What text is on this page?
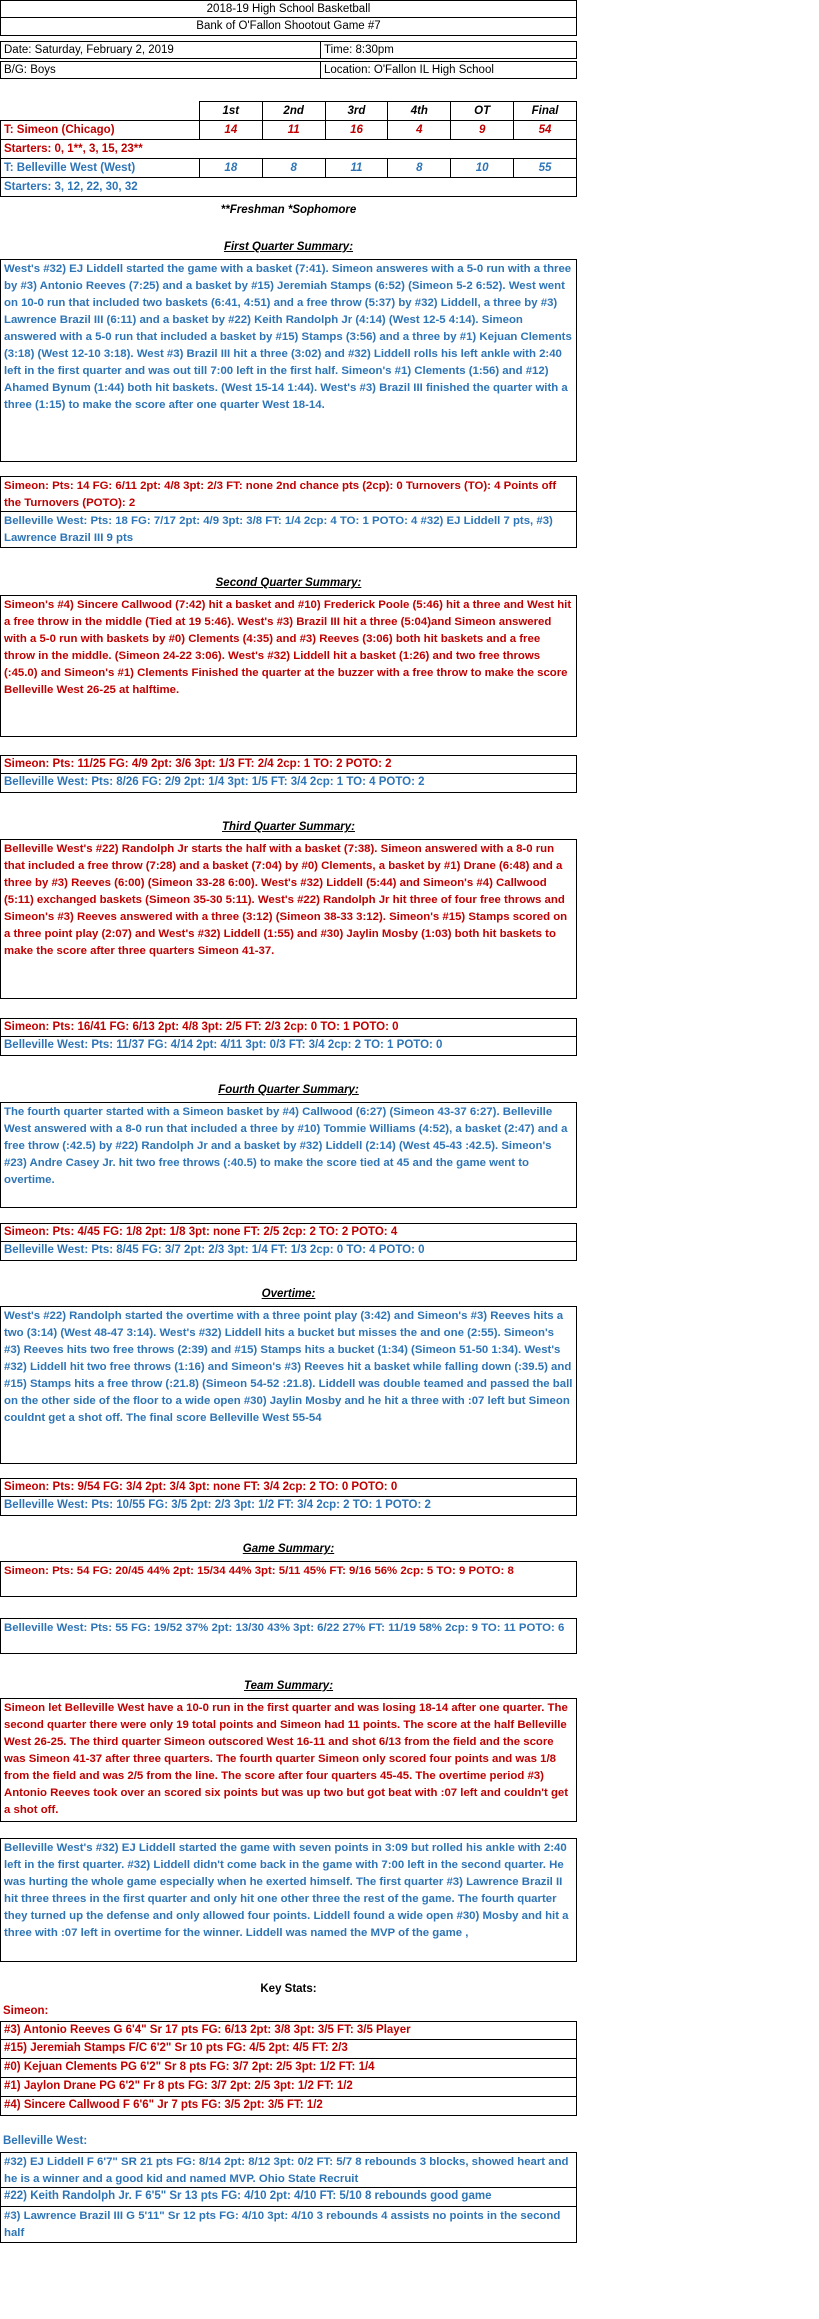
2018-19 High School Basketball
Bank of O'Fallon Shootout Game #7
Date: Saturday, February 2, 2019	Time: 8:30pm
B/G: Boys	Location: O'Fallon IL High School
	1st	2nd	3rd	4th	OT	Final
T: Simeon (Chicago)	14	11	16	4	9	54
Starters: 0, 1**, 3, 15, 23**						
T: Belleville West (West)	18	8	11	8	10	55
Starters: 3, 12, 22, 30, 32						
**Freshman *Sophomore
First Quarter Summary:
West's #32) EJ Liddell started the game with a basket (7:41). Simeon answeres with a 5-0 run with a three by #3) Antonio Reeves (7:25) and a basket by #15) Jeremiah Stamps (6:52) (Simeon 5-2 6:52). West went on 10-0 run that included two baskets (6:41, 4:51) and a free throw (5:37) by #32) Liddell, a three by #3) Lawrence Brazil III (6:11) and a basket by #22) Keith Randolph Jr (4:14) (West 12-5 4:14). Simeon answered with a 5-0 run that included a basket by #15) Stamps (3:56) and a three by #1) Kejuan Clements (3:18) (West 12-10 3:18). West #3) Brazil III hit a three (3:02) and #32) Liddell rolls his left ankle with 2:40 left in the first quarter and was out till 7:00 left in the first half. Simeon's #1) Clements (1:56) and #12) Ahamed Bynum (1:44) both hit baskets. (West 15-14 1:44). West's #3) Brazil III finished the quarter with a three (1:15) to make the score after one quarter West 18-14.
Simeon: Pts: 14 FG: 6/11 2pt: 4/8 3pt: 2/3 FT: none 2nd chance pts (2cp): 0 Turnovers (TO): 4 Points off the Turnovers (POTO): 2
Belleville West: Pts: 18 FG: 7/17 2pt: 4/9 3pt: 3/8 FT: 1/4 2cp: 4 TO: 1 POTO: 4 #32) EJ Liddell 7 pts, #3) Lawrence Brazil III 9 pts
Second Quarter Summary:
Simeon's #4) Sincere Callwood (7:42) hit a basket and #10) Frederick Poole (5:46) hit a three and West hit a free throw in the middle (Tied at 19 5:46). West's #3) Brazil III hit a three (5:04)and Simeon answered with a 5-0 run with baskets by #0) Clements (4:35) and #3) Reeves (3:06) both hit baskets and a free throw in the middle. (Simeon 24-22 3:06). West's #32) Liddell hit a basket (1:26) and two free throws (:45.0) and Simeon's #1) Clements Finished the quarter at the buzzer with a free throw to make the score Belleville West 26-25 at halftime.
Simeon: Pts: 11/25 FG: 4/9 2pt: 3/6 3pt: 1/3 FT: 2/4 2cp: 1 TO: 2 POTO: 2
Belleville West: Pts: 8/26 FG: 2/9 2pt: 1/4 3pt: 1/5 FT: 3/4 2cp: 1 TO: 4 POTO: 2
Third Quarter Summary:
Belleville West's #22) Randolph Jr starts the half with a basket (7:38). Simeon answered with a 8-0 run that included a free throw (7:28) and a basket (7:04) by #0) Clements, a basket by #1) Drane (6:48) and a three by #3) Reeves (6:00) (Simeon 33-28 6:00). West's #32) Liddell (5:44) and Simeon's #4) Callwood (5:11) exchanged baskets (Simeon 35-30 5:11). West's #22) Randolph Jr hit three of four free throws and Simeon's #3) Reeves answered with a three (3:12) (Simeon 38-33 3:12). Simeon's #15) Stamps scored on a three point play (2:07) and West's #32) Liddell (1:55) and #30) Jaylin Mosby (1:03) both hit baskets to make the score after three quarters Simeon 41-37.
Simeon: Pts: 16/41 FG: 6/13 2pt: 4/8 3pt: 2/5 FT: 2/3 2cp: 0 TO: 1 POTO: 0
Belleville West: Pts: 11/37 FG: 4/14 2pt: 4/11 3pt: 0/3 FT: 3/4 2cp: 2 TO: 1 POTO: 0
Fourth Quarter Summary:
The fourth quarter started with a Simeon basket by #4) Callwood (6:27) (Simeon 43-37 6:27). Belleville West answered with a 8-0 run that included a three by #10) Tommie Williams (4:52), a basket (2:47) and a free throw (:42.5) by #22) Randolph Jr and a basket by #32) Liddell (2:14) (West 45-43 :42.5). Simeon's #23) Andre Casey Jr. hit two free throws (:40.5) to make the score tied at 45 and the game went to overtime.
Simeon: Pts: 4/45 FG: 1/8 2pt: 1/8 3pt: none FT: 2/5 2cp: 2 TO: 2 POTO: 4
Belleville West: Pts: 8/45 FG: 3/7 2pt: 2/3 3pt: 1/4 FT: 1/3 2cp: 0 TO: 4 POTO: 0
Overtime:
West's #22) Randolph started the overtime with a three point play (3:42) and Simeon's #3) Reeves hits a two (3:14) (West 48-47 3:14). West's #32) Liddell hits a bucket but misses the and one (2:55). Simeon's #3) Reeves hits two free throws (2:39) and #15) Stamps hits a bucket (1:34) (Simeon 51-50 1:34). West's #32) Liddell hit two free throws (1:16) and Simeon's #3) Reeves hit a basket while falling down (:39.5) and #15) Stamps hits a free throw (:21.8) (Simeon 54-52 :21.8). Liddell was double teamed and passed the ball on the other side of the floor to a wide open #30) Jaylin Mosby and he hit a three with :07 left but Simeon couldnt get a shot off. The final score Belleville West 55-54
Simeon: Pts: 9/54 FG: 3/4 2pt: 3/4 3pt: none FT: 3/4 2cp: 2 TO: 0 POTO: 0
Belleville West: Pts: 10/55 FG: 3/5 2pt: 2/3 3pt: 1/2 FT: 3/4 2cp: 2 TO: 1 POTO: 2
Game Summary:
Simeon: Pts: 54 FG: 20/45 44% 2pt: 15/34 44% 3pt: 5/11 45% FT: 9/16 56% 2cp: 5 TO: 9 POTO: 8
Belleville West: Pts: 55 FG: 19/52 37% 2pt: 13/30 43% 3pt: 6/22 27% FT: 11/19 58% 2cp: 9 TO: 11 POTO: 6
Team Summary:
Simeon let Belleville West have a 10-0 run in the first quarter and was losing 18-14 after one quarter. The second quarter there were only 19 total points and Simeon had 11 points. The score at the half Belleville West 26-25. The third quarter Simeon outscored West 16-11 and shot 6/13 from the field and the score was Simeon 41-37 after three quarters. The fourth quarter Simeon only scored four points and was 1/8 from the field and was 2/5 from the line. The score after four quarters 45-45. The overtime period #3) Antonio Reeves took over an scored six points but was up two but got beat with :07 left and couldn't get a shot off.
Belleville West's #32) EJ Liddell started the game with seven points in 3:09 but rolled his ankle with 2:40 left in the first quarter. #32) Liddell didn't come back in the game with 7:00 left in the second quarter. He was hurting the whole game especially when he exerted himself. The first quarter #3) Lawrence Brazil II hit three threes in the first quarter and only hit one other three the rest of the game. The fourth quarter they turned up the defense and only allowed four points. Liddell found a wide open #30) Mosby and hit a three with :07 left in overtime for the winner. Liddell was named the MVP of the game ,
Key Stats:
Simeon:
#3) Antonio Reeves G 6'4" Sr 17 pts FG: 6/13 2pt: 3/8 3pt: 3/5 FT: 3/5 Player
#15) Jeremiah Stamps F/C 6'2" Sr 10 pts FG: 4/5 2pt: 4/5 FT: 2/3
#0) Kejuan Clements PG 6'2" Sr 8 pts FG: 3/7 2pt: 2/5 3pt: 1/2 FT: 1/4
#1) Jaylon Drane PG 6'2" Fr 8 pts FG: 3/7 2pt: 2/5 3pt: 1/2 FT: 1/2
#4) Sincere Callwood F 6'6" Jr 7 pts FG: 3/5 2pt: 3/5 FT: 1/2
Belleville West:
#32) EJ Liddell F 6'7" SR 21 pts FG: 8/14 2pt: 8/12 3pt: 0/2 FT: 5/7 8 rebounds 3 blocks, showed heart and he is a winner and a good kid and named MVP. Ohio State Recruit
#22) Keith Randolph Jr. F 6'5" Sr 13 pts FG: 4/10 2pt: 4/10 FT: 5/10 8 rebounds good game
#3) Lawrence Brazil III G 5'11" Sr 12 pts FG: 4/10 3pt: 4/10 3 rebounds 4 assists no points in the second half
